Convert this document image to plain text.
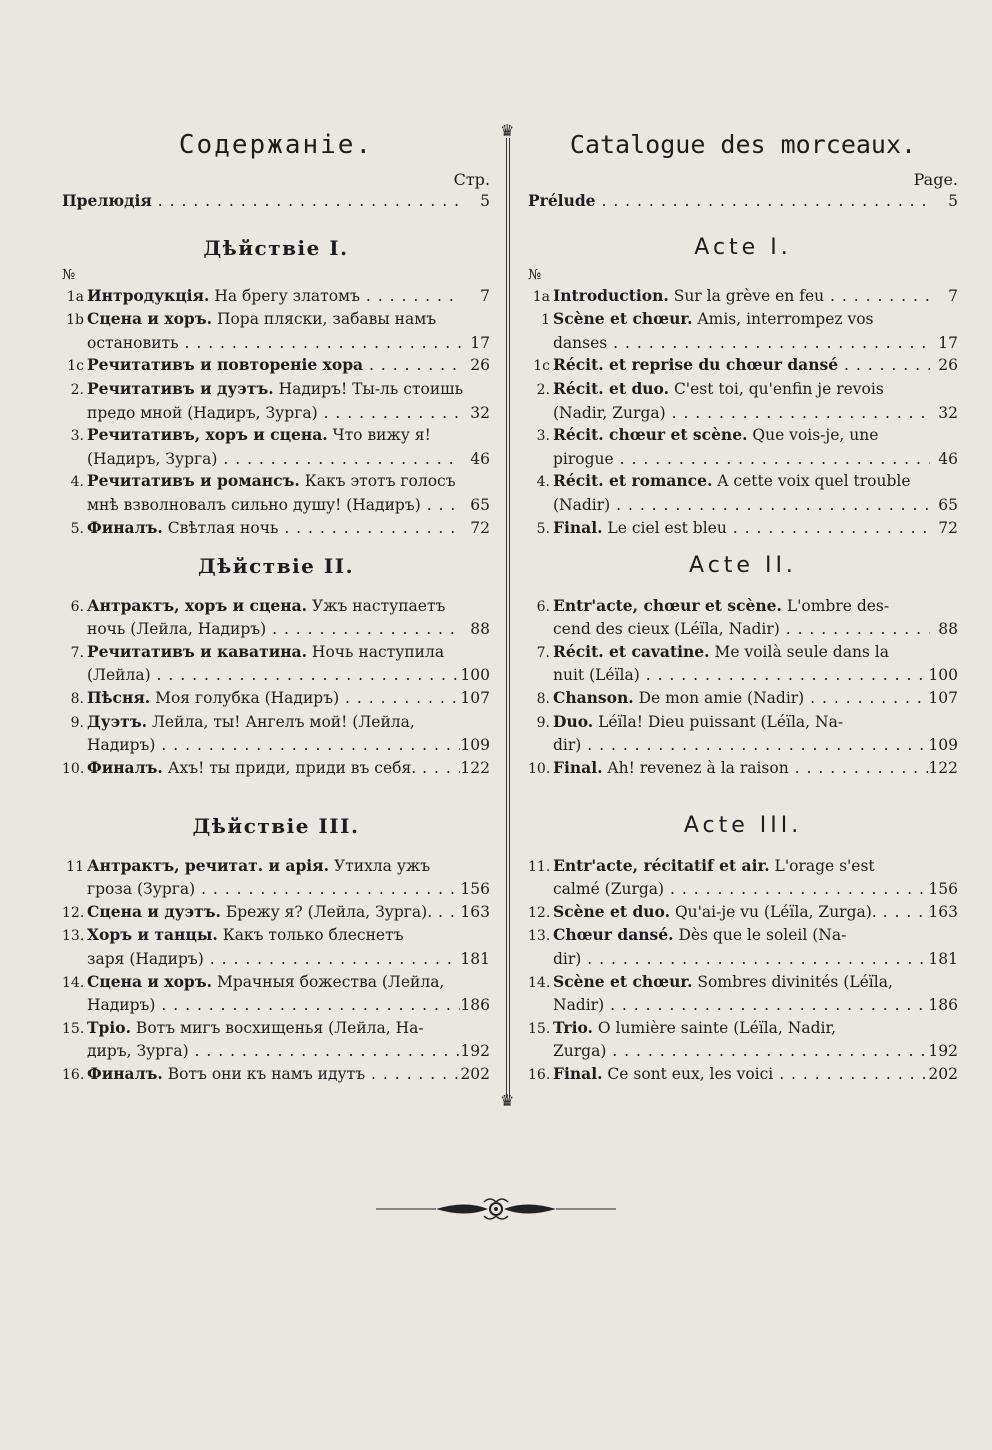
Содержаніе.
Стр.
Прелюдія . . .	5
Дѣйствіе I.
№
1a Интродукція. На брегу златомъ . . .	7
1b Сцена и хоръ. Пора пляски, забавы намъ
остановить . . .	17
1c Речитативъ и повтореніе хора . . .	26
2. Речитативъ и дуэтъ. Надиръ! Ты-ль стоишь
предо мной (Надиръ, Зурга) . . .	32
3. Речитативъ, хоръ и сцена. Что вижу я!
(Надиръ, Зурга) . . .	46
4. Речитативъ и романсъ. Какъ этотъ голосъ
мнѣ взволновалъ сильно душу! (Надиръ) . . .	65
5. Финалъ. Свѣтлая ночь . . .	72
Дѣйствіе II.
6. Антрактъ, хоръ и сцена. Ужъ наступаетъ
ночь (Лейла, Надиръ) . . .	88
7. Речитативъ и каватина. Ночь наступила
(Лейла) . . .	100
8. Пѣсня. Моя голубка (Надиръ) . . .	107
9. Дуэтъ. Лейла, ты! Ангелъ мой! (Лейла,
Надиръ) . . .	109
10. Финалъ. Ахъ! ты приди, приди въ себя. . . .	122
Дѣйствіе III.
11 Антрактъ, речитат. и арія. Утихла ужъ
гроза (Зурга) . . .	156
12. Сцена и дуэтъ. Брежу я? (Лейла, Зурга). . . .	163
13. Хоръ и танцы. Какъ только блеснетъ
заря (Надиръ) . . .	181
14. Сцена и хоръ. Мрачныя божества (Лейла,
Надиръ) . . .	186
15. Тріо. Вотъ мигъ восхищенья (Лейла, На-
диръ, Зурга) . . .	192
16. Финалъ. Вотъ они къ намъ идутъ . . .	202
♛
♛
Catalogue des morceaux.
Page.
Prélude . . .	5
Acte I.
№
1a Introduction. Sur la grève en feu . . .	7
1 Scène et chœur. Amis, interrompez vos
danses . . .	17
1c Récit. et reprise du chœur dansé . . .	26
2. Récit. et duo. C'est toi, qu'enfin je revois
(Nadir, Zurga) . . .	32
3. Récit. chœur et scène. Que vois-je, une
pirogue . . .	46
4. Récit. et romance. A cette voix quel trouble
(Nadir) . . .	65
5. Final. Le ciel est bleu . . .	72
Acte II.
6. Entr'acte, chœur et scène. L'ombre des-
cend des cieux (Léïla, Nadir) . . .	88
7. Récit. et cavatine. Me voilà seule dans la
nuit (Léïla) . . .	100
8. Chanson. De mon amie (Nadir) . . .	107
9. Duo. Léïla! Dieu puissant (Léïla, Na-
dir) . . .	109
10. Final. Ah! revenez à la raison . . .	122
Acte III.
11. Entr'acte, récitatif et air. L'orage s'est
calmé (Zurga) . . .	156
12. Scène et duo. Qu'ai-je vu (Léïla, Zurga). . . .	163
13. Chœur dansé. Dès que le soleil (Na-
dir) . . .	181
14. Scène et chœur. Sombres divinités (Léïla,
Nadir) . . .	186
15. Trio. O lumière sainte (Léïla, Nadir,
Zurga) . . .	192
16. Final. Ce sont eux, les voici . . .	202
